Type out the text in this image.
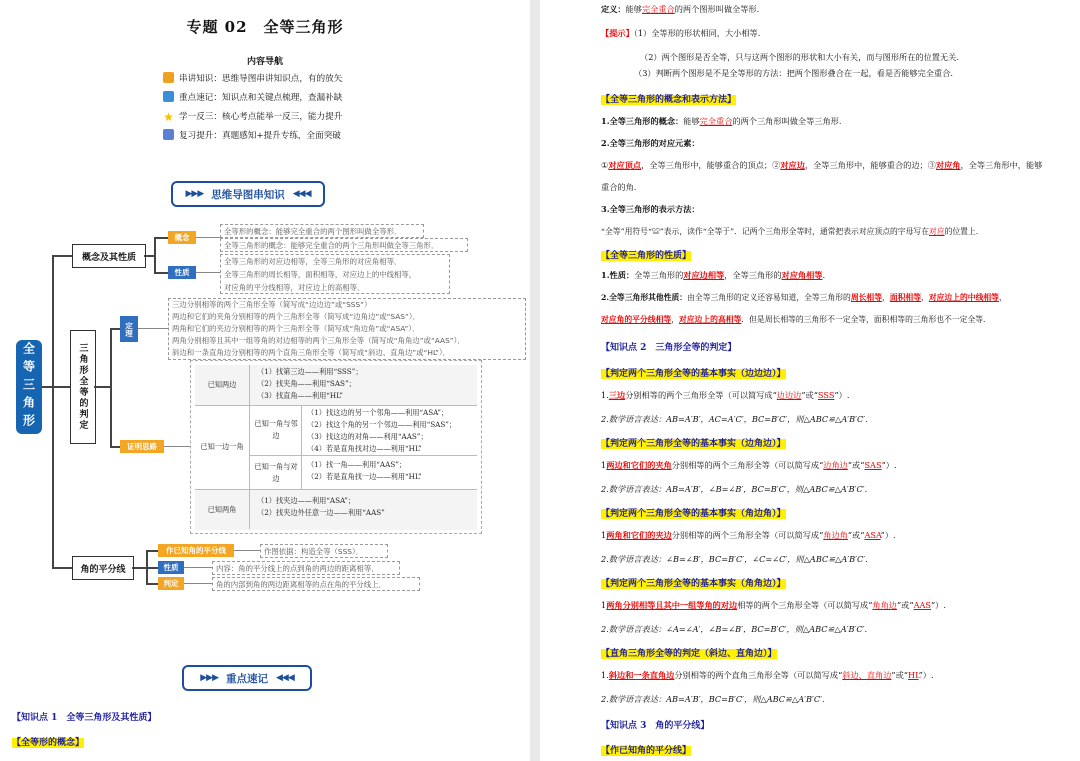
专题 02　全等三角形
内容导航
串讲知识：思维导图串讲知识点，有的放矢
重点速记：知识点和关键点梳理，查漏补缺
★ 学一反三：核心考点能举一反三，能力提升
复习提升：真题感知+提升专练，全面突破
▶▶▶ 思维导图串知识 ◀◀◀
全等三角形
概念及其性质
概念
性质
全等形的概念：能够完全重合的两个图形叫做全等形．
全等三角形的概念：能够完全重合的两个三角形叫做全等三角形．
全等三角形的对应边相等，全等三角形的对应角相等．
全等三角形的周长相等，面积相等，对应边上的中线相等，
对应角的平分线相等，对应边上的高相等．
三角形全等的判定
定理
证明思路
三边分别相等的两个三角形全等（简写成“边边边”或“SSS”）
两边和它们的夹角分别相等的两个三角形全等（简写成“边角边”或“SAS”）．
两角和它们的夹边分别相等的两个三角形全等（简写成“角边角”或“ASA”）．
两角分别相等且其中一组等角的对边相等的两个三角形全等（简写成“角角边”或“AAS”）．
斜边和一条直角边分别相等的两个直角三角形全等（简写成“斜边、直角边”或“HL”）．
已知两边
（1）找第三边——利用“SSS”；
（2）找夹角——利用“SAS”；
（3）找直角——利用“HL”
已知一边一角
已知一角与邻边
（1）找这边的另一个邻角——利用“ASA”；
（2）找这个角的另一个邻边——利用“SAS”；
（3）找这边的对角——利用“AAS”；
（4）若是直角找对边——利用“HL”
已知一角与对边
（1）找一角——利用“AAS”；
（2）若是直角找一边——利用“HL”
已知两角
（1）找夹边——利用“ASA”；
（2）找夹边外任意一边——利用“AAS”
角的平分线
作已知角的平分线
性质
判定
作图依据：构造全等（SSS）．
内容：角的平分线上的点到角的两边的距离相等．
角的内部到角的两边距离相等的点在角的平分线上．
▶▶▶ 重点速记 ◀◀◀
【知识点 1　全等三角形及其性质】
【全等形的概念】
定义：能够完全重合的两个图形叫做全等形.
【提示】（1）全等形的形状相同，大小相等.
（2）两个图形是否全等，只与这两个图形的形状和大小有关，而与图形所在的位置无关.
（3）判断两个图形是不是全等形的方法：把两个图形叠合在一起，看是否能够完全重合.
【全等三角形的概念和表示方法】
1.全等三角形的概念：能够完全重合的两个三角形叫做全等三角形.
2.全等三角形的对应元素：
①对应顶点，全等三角形中，能够重合的顶点；②对应边，全等三角形中，能够重合的边；③对应角，全等三角形中，能够
重合的角.
3.全等三角形的表示方法：
“全等”用符号“≌”表示，读作“全等于”．记两个三角形全等时，通常把表示对应顶点的字母写在对应的位置上．
【全等三角形的性质】
1.性质：全等三角形的对应边相等，全等三角形的对应角相等.
2.全等三角形其他性质：由全等三角形的定义还容易知道，全等三角形的周长相等，面积相等，对应边上的中线相等，
对应角的平分线相等，对应边上的高相等．但是周长相等的三角形不一定全等，面积相等的三角形也不一定全等．
【知识点 2　三角形全等的判定】
【判定两个三角形全等的基本事实（边边边）】
1.三边分别相等的两个三角形全等（可以简写成“边边边”或“SSS”）.
2.数学语言表达：AB=A′B′，AC=A′C′，BC=B′C′，则△ABC≌△A′B′C′.
【判定两个三角形全等的基本事实（边角边）】
1两边和它们的夹角分别相等的两个三角形全等（可以简写成“边角边”或“SAS”）.
2.数学语言表达：AB=A′B′，∠B=∠B′，BC=B′C′，则△ABC≌△A′B′C′.
【判定两个三角形全等的基本事实（角边角）】
1两角和它们的夹边分别相等的两个三角形全等（可以简写成“角边角”或“ASA”）.
2.数学语言表达：∠B=∠B′，BC=B′C′，∠C=∠C′，则△ABC≌△A′B′C′.
【判定两个三角形全等的基本事实（角角边）】
1两角分别相等且其中一组等角的对边相等的两个三角形全等（可以简写成“角角边”或“AAS”）.
2.数学语言表达：∠A=∠A′，∠B=∠B′，BC=B′C′，则△ABC≌△A′B′C′.
【直角三角形全等的判定（斜边、直角边）】
1.斜边和一条直角边分别相等的两个直角三角形全等（可以简写成“斜边、直角边”或“HL”）.
2.数学语言表达：AB=A′B′，BC=B′C′，则△ABC≌△A′B′C′.
【知识点 3　角的平分线】
【作已知角的平分线】
